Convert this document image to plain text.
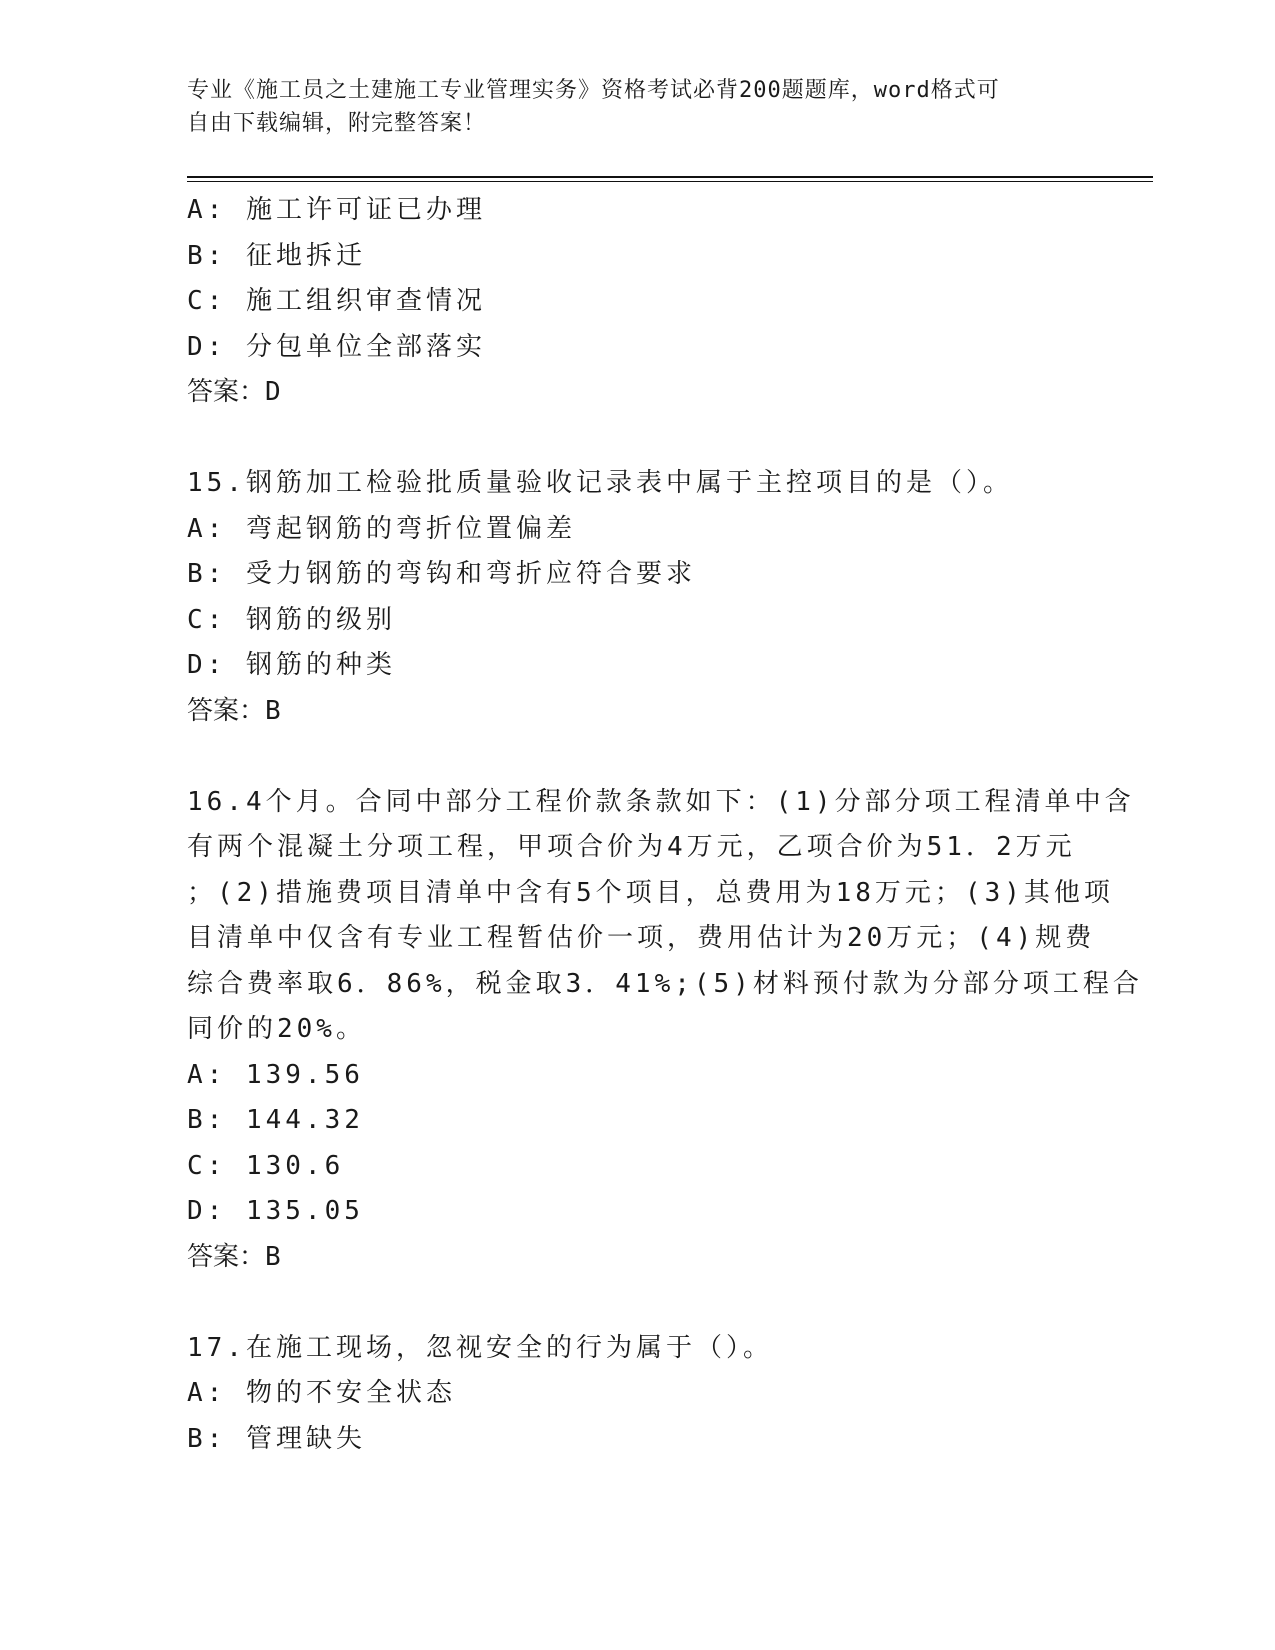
专业《施工员之土建施工专业管理实务》资格考试必背200题题库，word格式可
自由下载编辑，附完整答案！
A: 施工许可证已办理
B: 征地拆迁
C: 施工组织审查情况
D: 分包单位全部落实
答案：D
15.钢筋加工检验批质量验收记录表中属于主控项目的是（）。
A: 弯起钢筋的弯折位置偏差
B: 受力钢筋的弯钩和弯折应符合要求
C: 钢筋的级别
D: 钢筋的种类
答案：B
16.4个月。合同中部分工程价款条款如下：(1)分部分项工程清单中含
有两个混凝土分项工程，甲项合价为4万元，乙项合价为51．2万元
；(2)措施费项目清单中含有5个项目，总费用为18万元；(3)其他项
目清单中仅含有专业工程暂估价一项，费用估计为20万元；(4)规费
综合费率取6．86%，税金取3．41%;(5)材料预付款为分部分项工程合
同价的20%。
A: 139.56
B: 144.32
C: 130.6
D: 135.05
答案：B
17.在施工现场，忽视安全的行为属于（）。
A: 物的不安全状态
B: 管理缺失
